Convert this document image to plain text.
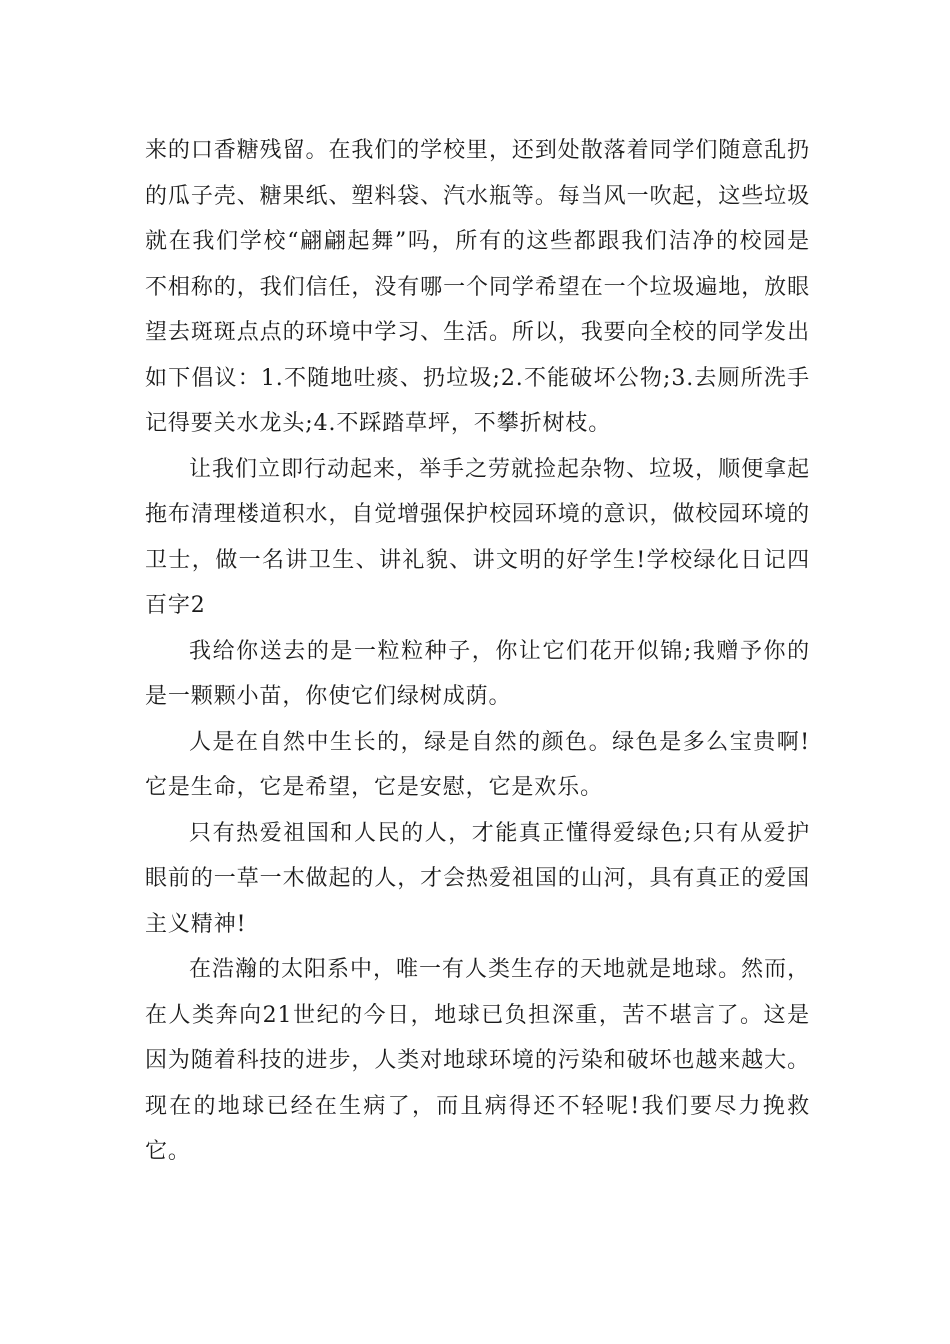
来的口香糖残留。在我们的学校里，还到处散落着同学们随意乱扔的瓜子壳、糖果纸、塑料袋、汽水瓶等。每当风一吹起，这些垃圾就在我们学校“翩翩起舞”吗，所有的这些都跟我们洁净的校园是不相称的，我们信任，没有哪一个同学希望在一个垃圾遍地，放眼望去斑斑点点的环境中学习、生活。所以，我要向全校的同学发出如下倡议：1.不随地吐痰、扔垃圾;2.不能破坏公物;3.去厕所洗手记得要关水龙头;4.不踩踏草坪，不攀折树枝。

让我们立即行动起来，举手之劳就捡起杂物、垃圾，顺便拿起拖布清理楼道积水，自觉增强保护校园环境的意识，做校园环境的卫士，做一名讲卫生、讲礼貌、讲文明的好学生!学校绿化日记四百字2

我给你送去的是一粒粒种子，你让它们花开似锦;我赠予你的是一颗颗小苗，你使它们绿树成荫。

人是在自然中生长的，绿是自然的颜色。绿色是多么宝贵啊!它是生命，它是希望，它是安慰，它是欢乐。

只有热爱祖国和人民的人，才能真正懂得爱绿色;只有从爱护眼前的一草一木做起的人，才会热爱祖国的山河，具有真正的爱国主义精神!

在浩瀚的太阳系中，唯一有人类生存的天地就是地球。然而，在人类奔向21世纪的今日，地球已负担深重，苦不堪言了。这是因为随着科技的进步，人类对地球环境的污染和破坏也越来越大。现在的地球已经在生病了，而且病得还不轻呢!我们要尽力挽救它。
